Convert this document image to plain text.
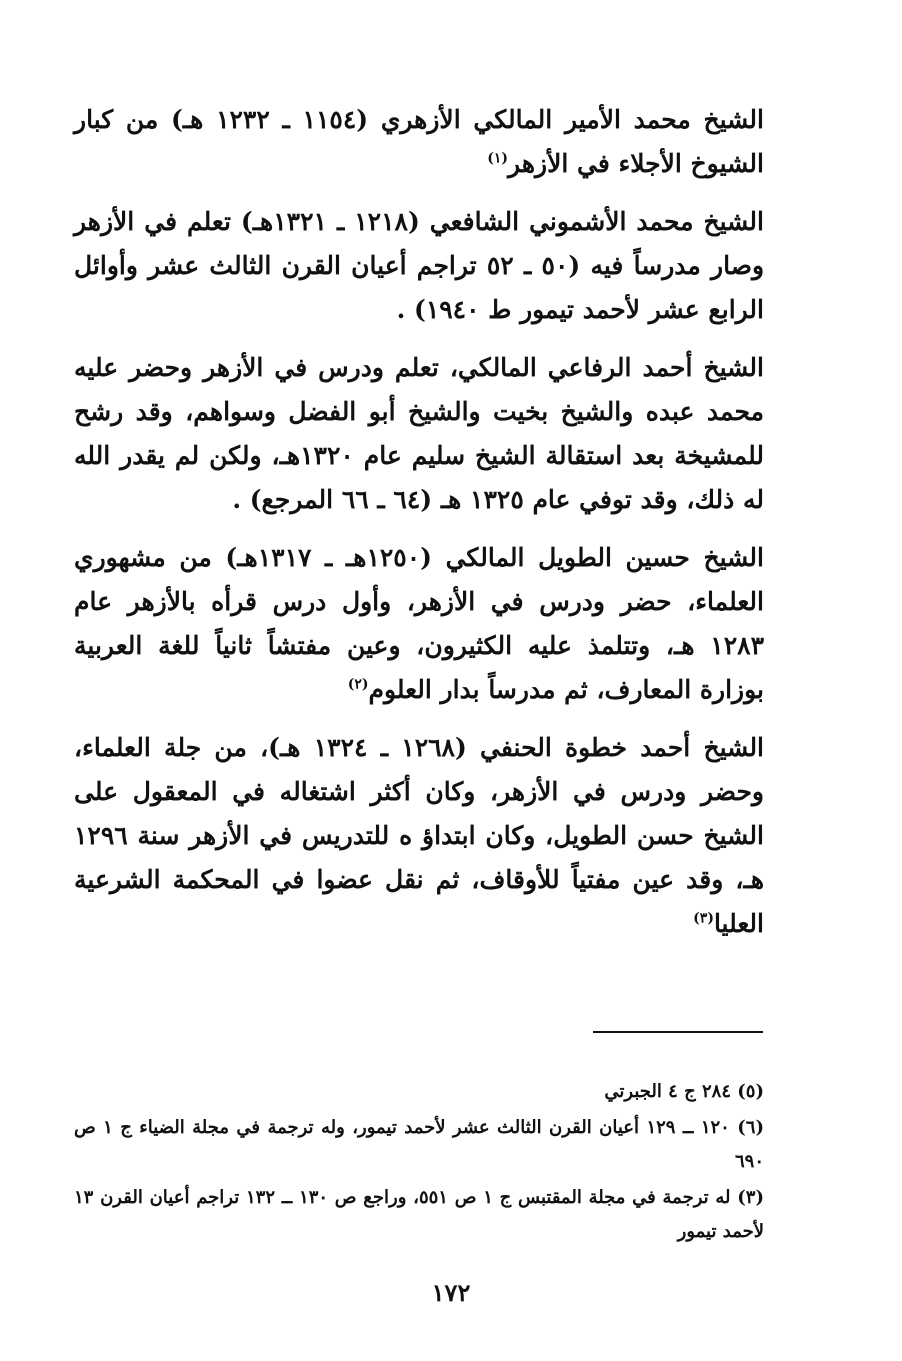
الشيخ محمد الأمير المالكي الأزهري (١١٥٤ ـ ١٢٣٢ هـ) من كبار الشيوخ الأجلاء في الأزهر$^{(١)}$

الشيخ محمد الأشموني الشافعي (١٢١٨ ـ ١٣٢١هـ) تعلم في الأزهر وصار مدرساً فيه (٥٠ ـ ٥٢ تراجم أعيان القرن الثالث عشر وأوائل الرابع عشر لأحمد تيمور ط ١٩٤٠) .

الشيخ أحمد الرفاعي المالكي، تعلم ودرس في الأزهر وحضر عليه محمد عبده والشيخ بخيت والشيخ أبو الفضل وسواهم، وقد رشح للمشيخة بعد استقالة الشيخ سليم عام ١٣٢٠هـ، ولكن لم يقدر الله له ذلك، وقد توفي عام ١٣٢٥ هـ (٦٤ ـ ٦٦ المرجع) .

الشيخ حسين الطويل المالكي (١٢٥٠هـ ـ ١٣١٧هـ) من مشهوري العلماء، حضر ودرس في الأزهر، وأول درس قرأه بالأزهر عام ١٢٨٣ هـ، وتتلمذ عليه الكثيرون، وعين مفتشاً ثانياً للغة العربية بوزارة المعارف، ثم مدرساً بدار العلوم$^{(٢)}$

الشيخ أحمد خطوة الحنفي (١٢٦٨ ـ ١٣٢٤ هـ)، من جلة العلماء، وحضر ودرس في الأزهر، وكان أكثر اشتغاله في المعقول على الشيخ حسن الطويل، وكان ابتداؤ ه للتدريس في الأزهر سنة ١٢٩٦ هـ، وقد عين مفتياً للأوقاف، ثم نقل عضوا في المحكمة الشرعية العليا$^{(٣)}$

(٥) ٢٨٤ ج ٤ الجبرتي

(٦) ١٢٠ ــ ١٢٩ أعيان القرن الثالث عشر لأحمد تيمور، وله ترجمة في مجلة الضياء ج ١ ص ٦٩٠

(٣) له ترجمة في مجلة المقتبس ج ١ ص ٥٥١، وراجع ص ١٣٠ ــ ١٣٢ تراجم أعيان القرن ١٣ لأحمد تيمور

١٧٢
